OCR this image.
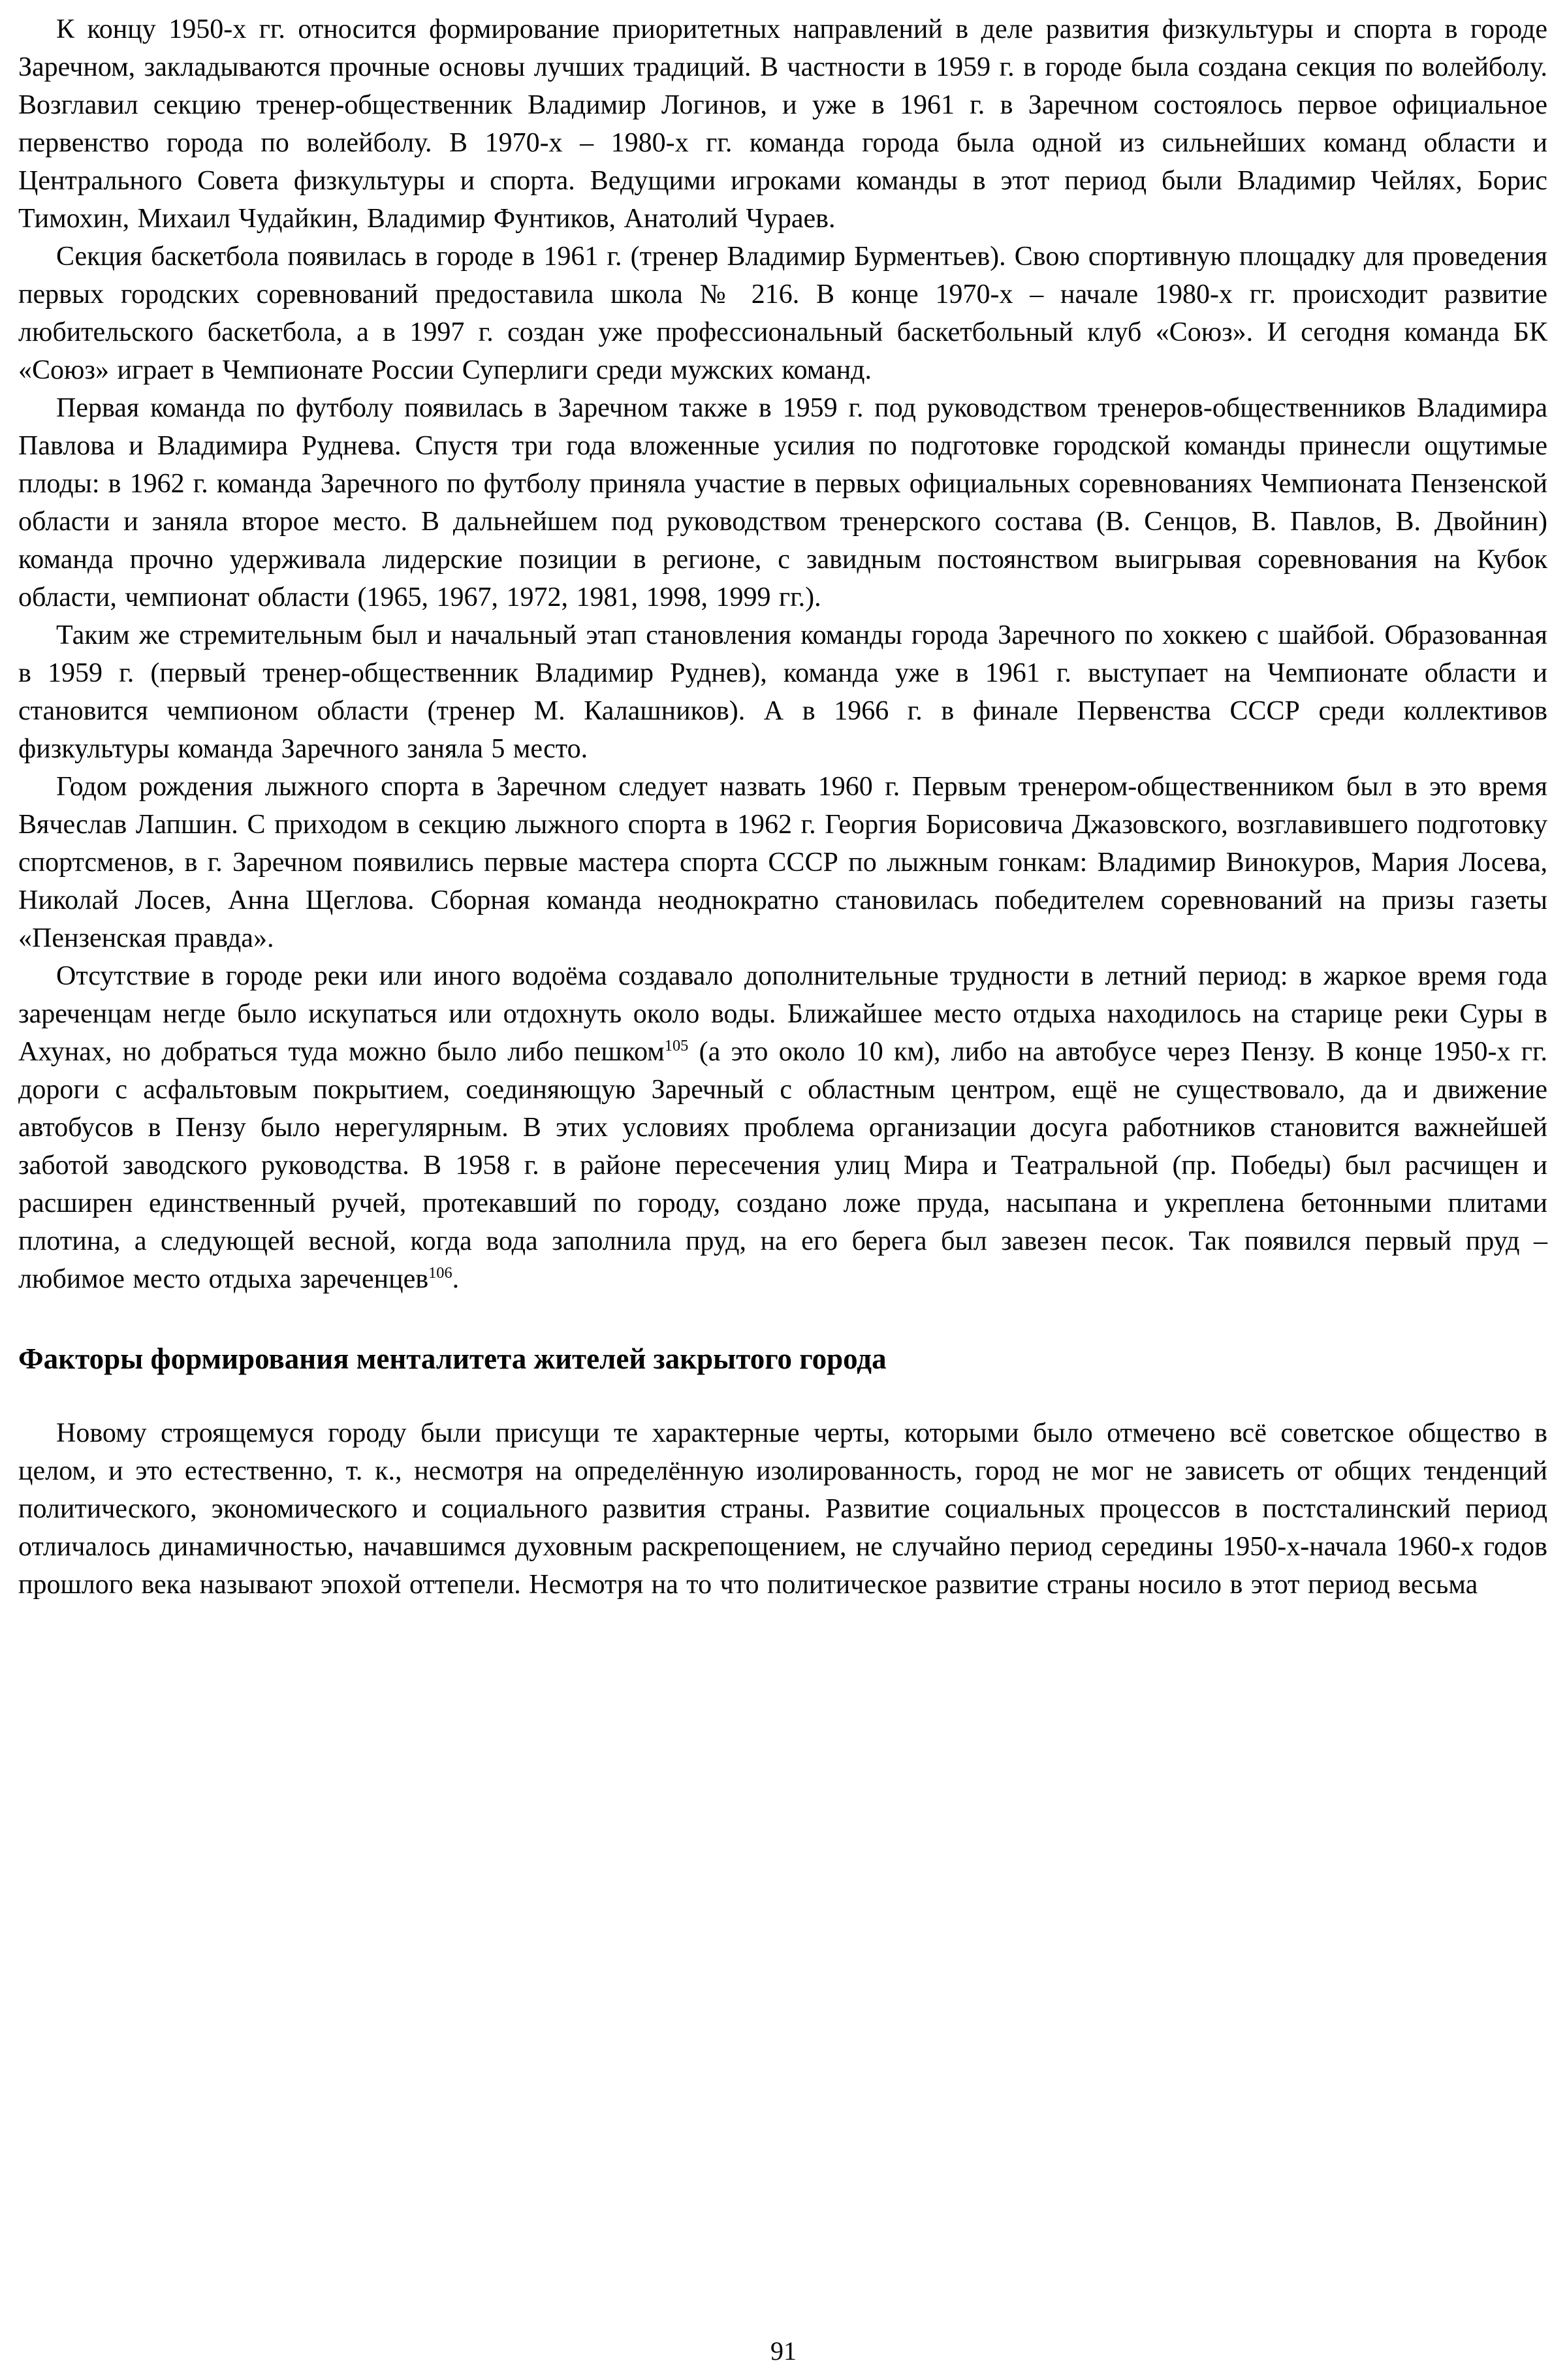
К концу 1950-х гг. относится формирование приоритетных направлений в деле развития физкультуры и спорта в городе Заречном, закладываются прочные основы лучших традиций. В частности в 1959 г. в городе была создана секция по волейболу. Возглавил секцию тренер-общественник Владимир Логинов, и уже в 1961 г. в Заречном состоялось первое официальное первенство города по волейболу. В 1970-х – 1980-х гг. команда города была одной из сильнейших команд области и Центрального Совета физкультуры и спорта. Ведущими игроками команды в этот период были Владимир Чейлях, Борис Тимохин, Михаил Чудайкин, Владимир Фунтиков, Анатолий Чураев.

Секция баскетбола появилась в городе в 1961 г. (тренер Владимир Бурментьев). Свою спортивную площадку для проведения первых городских соревнований предоставила школа № 216. В конце 1970-х – начале 1980-х гг. происходит развитие любительского баскетбола, а в 1997 г. создан уже профессиональный баскетбольный клуб «Союз». И сегодня команда БК «Союз» играет в Чемпионате России Суперлиги среди мужских команд.

Первая команда по футболу появилась в Заречном также в 1959 г. под руководством тренеров-общественников Владимира Павлова и Владимира Руднева. Спустя три года вложенные усилия по подготовке городской команды принесли ощутимые плоды: в 1962 г. команда Заречного по футболу приняла участие в первых официальных соревнованиях Чемпионата Пензенской области и заняла второе место. В дальнейшем под руководством тренерского состава (В. Сенцов, В. Павлов, В. Двойнин) команда прочно удерживала лидерские позиции в регионе, с завидным постоянством выигрывая соревнования на Кубок области, чемпионат области (1965, 1967, 1972, 1981, 1998, 1999 гг.).

Таким же стремительным был и начальный этап становления команды города Заречного по хоккею с шайбой. Образованная в 1959 г. (первый тренер-общественник Владимир Руднев), команда уже в 1961 г. выступает на Чемпионате области и становится чемпионом области (тренер М. Калашников). А в 1966 г. в финале Первенства СССР среди коллективов физкультуры команда Заречного заняла 5 место.

Годом рождения лыжного спорта в Заречном следует назвать 1960 г. Первым тренером-общественником был в это время Вячеслав Лапшин. С приходом в секцию лыжного спорта в 1962 г. Георгия Борисовича Джазовского, возглавившего подготовку спортсменов, в г. Заречном появились первые мастера спорта СССР по лыжным гонкам: Владимир Винокуров, Мария Лосева, Николай Лосев, Анна Щеглова. Сборная команда неоднократно становилась победителем соревнований на призы газеты «Пензенская правда».

Отсутствие в городе реки или иного водоёма создавало дополнительные трудности в летний период: в жаркое время года зареченцам негде было искупаться или отдохнуть около воды. Ближайшее место отдыха находилось на старице реки Суры в Ахунах, но добраться туда можно было либо пешком$^{105}$ (а это около 10 км), либо на автобусе через Пензу. В конце 1950-х гг. дороги с асфальтовым покрытием, соединяющую Заречный с областным центром, ещё не существовало, да и движение автобусов в Пензу было нерегулярным. В этих условиях проблема организации досуга работников становится важнейшей заботой заводского руководства. В 1958 г. в районе пересечения улиц Мира и Театральной (пр. Победы) был расчищен и расширен единственный ручей, протекавший по городу, создано ложе пруда, насыпана и укреплена бетонными плитами плотина, а следующей весной, когда вода заполнила пруд, на его берега был завезен песок. Так появился первый пруд – любимое место отдыха зареченцев$^{106}$.

Факторы формирования менталитета жителей закрытого города

Новому строящемуся городу были присущи те характерные черты, которыми было отмечено всё советское общество в целом, и это естественно, т. к., несмотря на определённую изолированность, город не мог не зависеть от общих тенденций политического, экономического и социального развития страны. Развитие социальных процессов в постсталинский период отличалось динамичностью, начавшимся духовным раскрепощением, не случайно период середины 1950-х-начала 1960-х годов прошлого века называют эпохой оттепели. Несмотря на то что политическое развитие страны носило в этот период весьма

91
